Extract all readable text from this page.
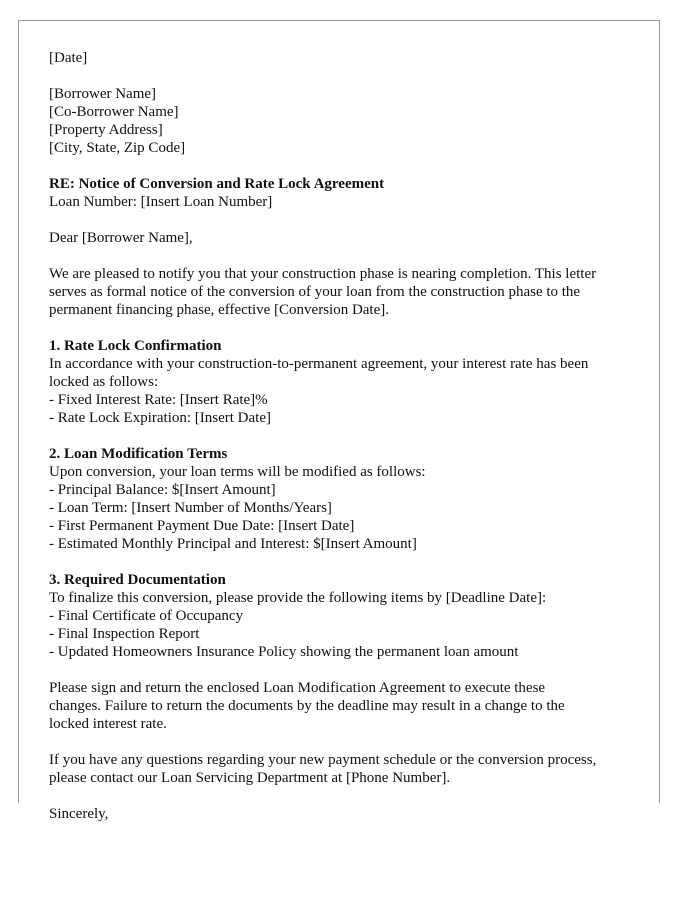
[Date]
[Borrower Name]
[Co-Borrower Name]
[Property Address]
[City, State, Zip Code]
RE: Notice of Conversion and Rate Lock Agreement
Loan Number: [Insert Loan Number]
Dear [Borrower Name],
We are pleased to notify you that your construction phase is nearing completion. This letter
serves as formal notice of the conversion of your loan from the construction phase to the
permanent financing phase, effective [Conversion Date].
1. Rate Lock Confirmation
In accordance with your construction-to-permanent agreement, your interest rate has been
locked as follows:
- Fixed Interest Rate: [Insert Rate]%
- Rate Lock Expiration: [Insert Date]
2. Loan Modification Terms
Upon conversion, your loan terms will be modified as follows:
- Principal Balance: $[Insert Amount]
- Loan Term: [Insert Number of Months/Years]
- First Permanent Payment Due Date: [Insert Date]
- Estimated Monthly Principal and Interest: $[Insert Amount]
3. Required Documentation
To finalize this conversion, please provide the following items by [Deadline Date]:
- Final Certificate of Occupancy
- Final Inspection Report
- Updated Homeowners Insurance Policy showing the permanent loan amount
Please sign and return the enclosed Loan Modification Agreement to execute these
changes. Failure to return the documents by the deadline may result in a change to the
locked interest rate.
If you have any questions regarding your new payment schedule or the conversion process,
please contact our Loan Servicing Department at [Phone Number].
Sincerely,
